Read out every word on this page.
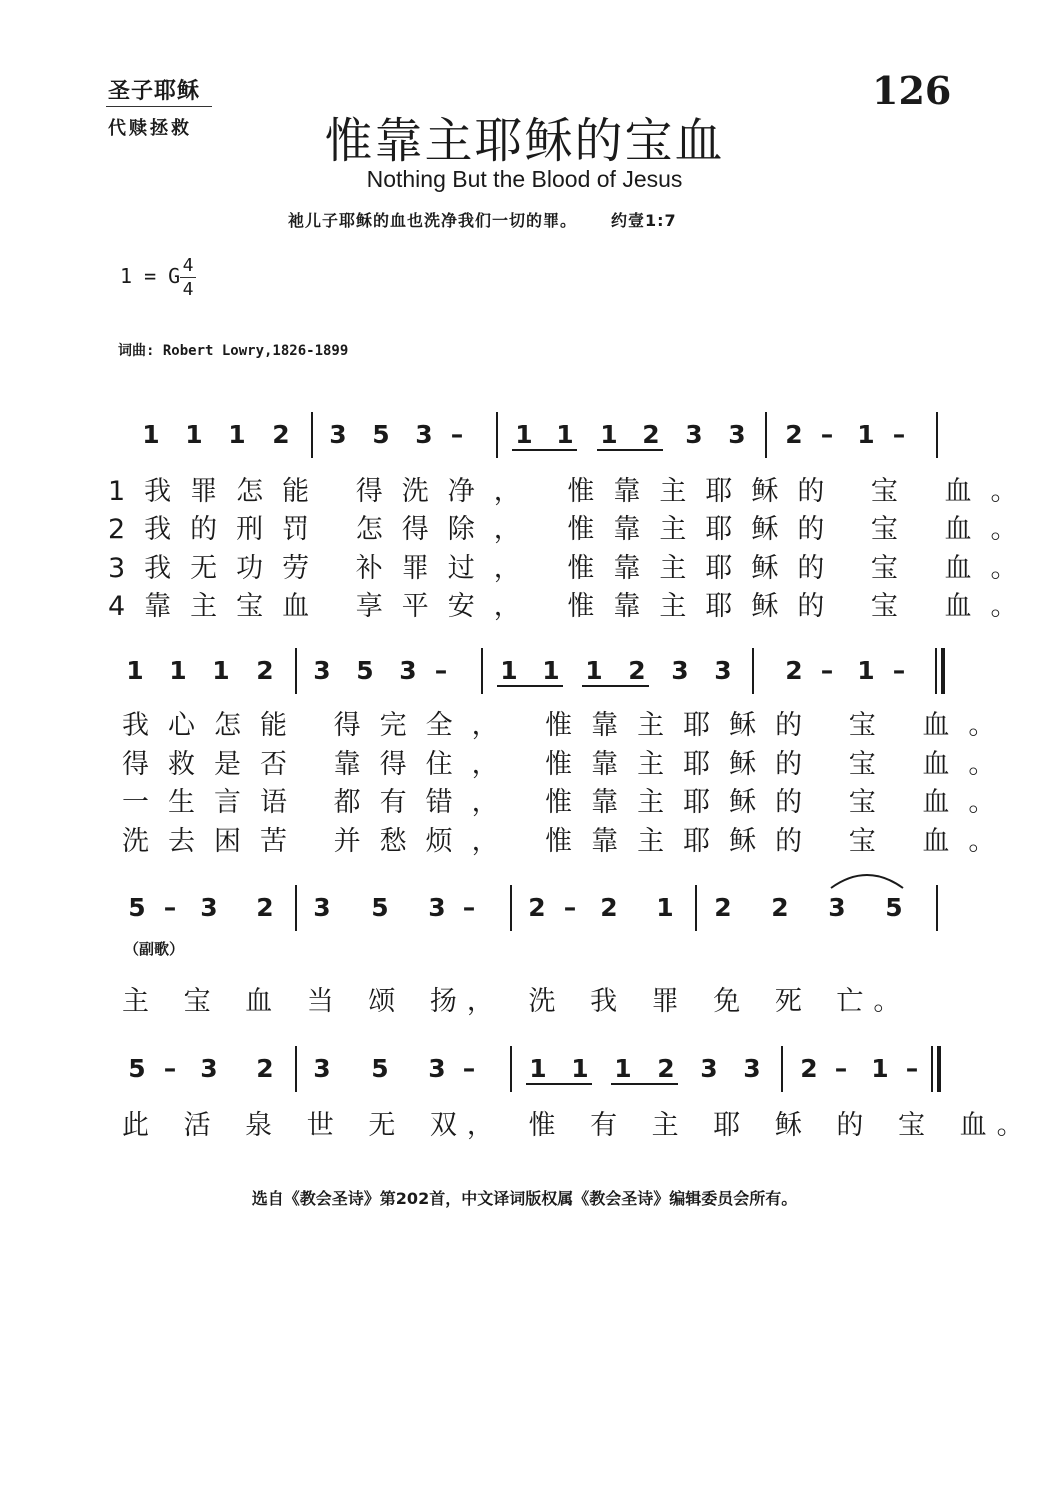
圣子耶稣
代赎拯救
126
惟靠主耶稣的宝血
Nothing But the Blood of Jesus
祂儿子耶稣的血也洗净我们一切的罪。 约壹1:7
1 = G 4
4
词曲: Robert Lowry,1826-1899
1 1 1 2 3 5 3 – 1 1 1 2 3 3 2 – 1 –
1我罪怎能 得洗净， 惟靠主耶稣的 宝 血。
2我的刑罚 怎得除， 惟靠主耶稣的 宝 血。
3我无功劳 补罪过， 惟靠主耶稣的 宝 血。
4靠主宝血 享平安， 惟靠主耶稣的 宝 血。
1 1 1 2 3 5 3 – 1 1 1 2 3 3 2 – 1 –
我心怎能 得完全， 惟靠主耶稣的 宝 血。
得救是否 靠得住， 惟靠主耶稣的 宝 血。
一生言语 都有错， 惟靠主耶稣的 宝 血。
洗去困苦 并愁烦， 惟靠主耶稣的 宝 血。
5 – 3 2 3 5 3 – 2 – 2 1 2 2 3 5
（副歌）
主 宝 血 当 颂 扬， 洗 我 罪 免 死 亡。
5 – 3 2 3 5 3 – 1 1 1 2 3 3 2 – 1 –
此 活 泉 世 无 双， 惟 有 主 耶 稣 的 宝 血。
选自《教会圣诗》第202首，中文译词版权属《教会圣诗》编辑委员会所有。
